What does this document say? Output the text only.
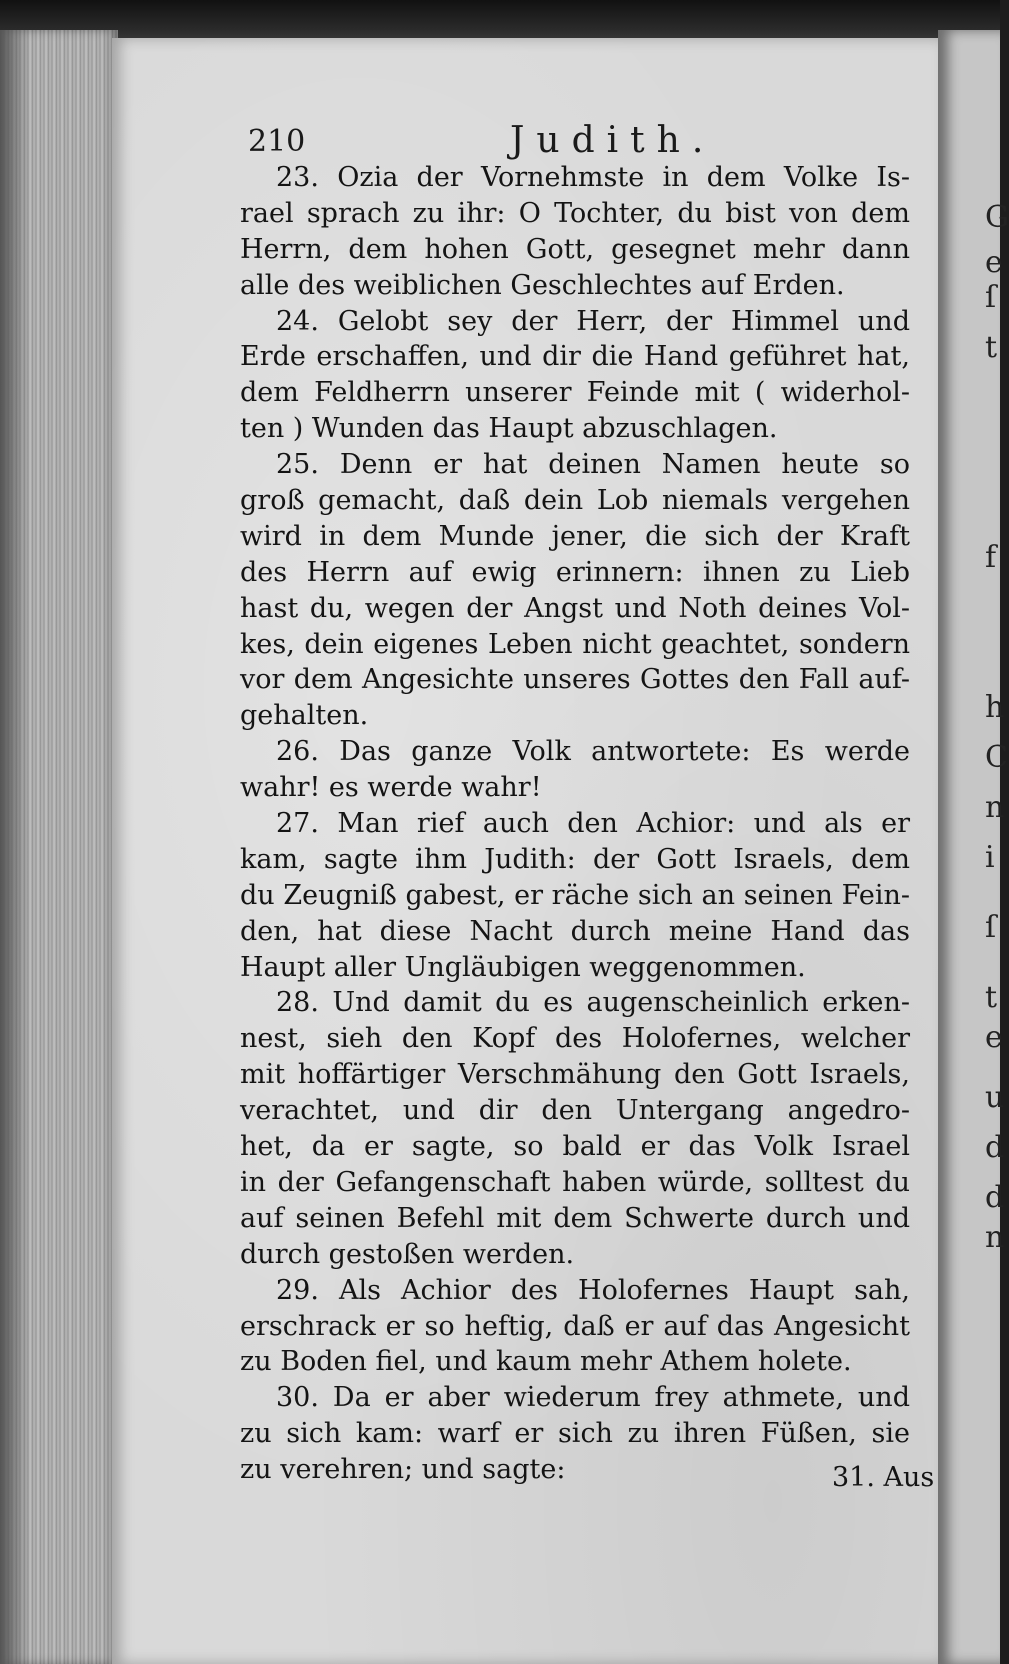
G
e
ſ
t
f
h
C
n
i
ſ
t
e
u
d
d
n
210	Judith.
23. Ozia der Vornehmste in dem Volke Is-
rael sprach zu ihr: O Tochter, du bist von dem
Herrn, dem hohen Gott, gesegnet mehr dann
alle des weiblichen Geschlechtes auf Erden.
24. Gelobt sey der Herr, der Himmel und
Erde erschaffen, und dir die Hand geführet hat,
dem Feldherrn unserer Feinde mit ( widerhol-
ten ) Wunden das Haupt abzuschlagen.
25. Denn er hat deinen Namen heute so
groß gemacht, daß dein Lob niemals vergehen
wird in dem Munde jener, die sich der Kraft
des Herrn auf ewig erinnern: ihnen zu Lieb
hast du, wegen der Angst und Noth deines Vol-
kes, dein eigenes Leben nicht geachtet, sondern
vor dem Angesichte unseres Gottes den Fall auf-
gehalten.
26. Das ganze Volk antwortete: Es werde
wahr! es werde wahr!
27. Man rief auch den Achior: und als er
kam, sagte ihm Judith: der Gott Israels, dem
du Zeugniß gabest, er räche sich an seinen Fein-
den, hat diese Nacht durch meine Hand das
Haupt aller Ungläubigen weggenommen.
28. Und damit du es augenscheinlich erken-
nest, sieh den Kopf des Holofernes, welcher
mit hoffärtiger Verschmähung den Gott Israels,
verachtet, und dir den Untergang angedro-
het, da er sagte, so bald er das Volk Israel
in der Gefangenschaft haben würde, solltest du
auf seinen Befehl mit dem Schwerte durch und
durch gestoßen werden.
29. Als Achior des Holofernes Haupt sah,
erschrack er so heftig, daß er auf das Angesicht
zu Boden fiel, und kaum mehr Athem holete.
30. Da er aber wiederum frey athmete, und
zu sich kam: warf er sich zu ihren Füßen, sie
zu verehren; und sagte:	31. Aus
